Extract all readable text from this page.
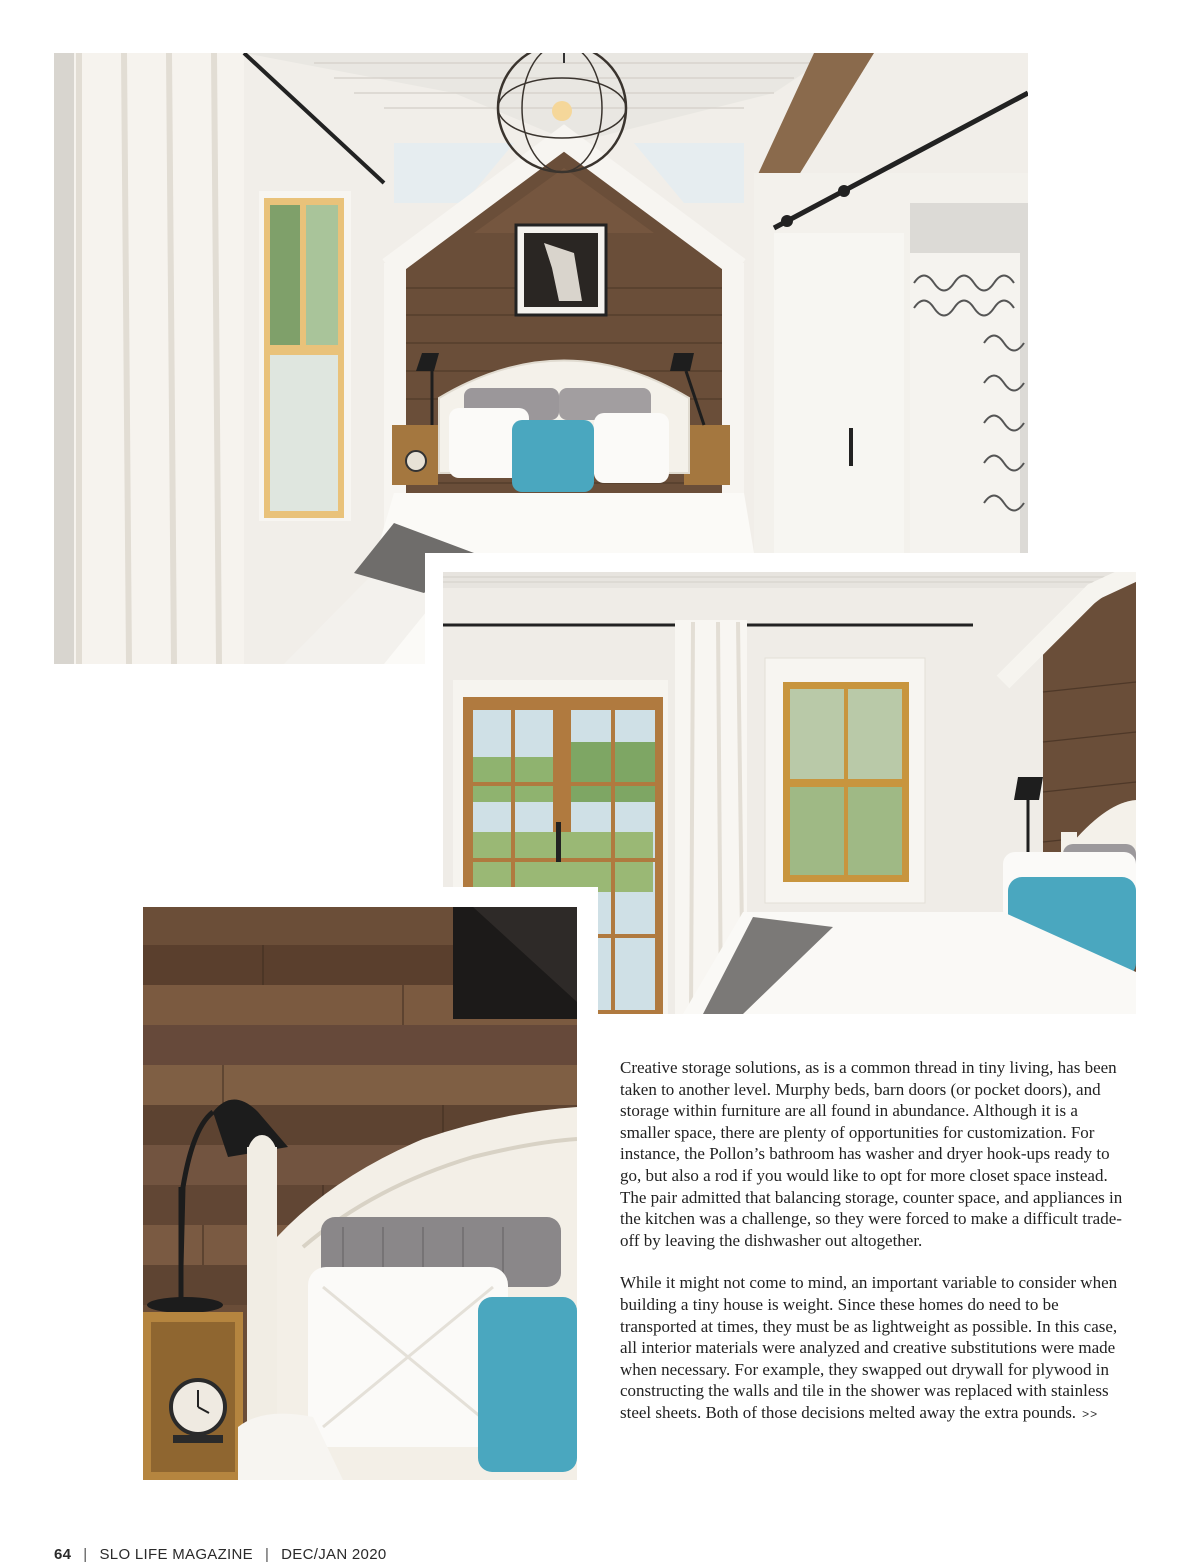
Creative storage solutions, as is a common thread in tiny living, has been taken to another level. Murphy beds, barn doors (or pocket doors), and storage within furniture are all found in abundance. Although it is a smaller space, there are plenty of opportunities for customization. For instance, the Pollon’s bathroom has washer and dryer hook-ups ready to go, but also a rod if you would like to opt for more closet space instead. The pair admitted that balancing storage, counter space, and appliances in the kitchen was a challenge, so they were forced to make a difficult trade-off by leaving the dishwasher out altogether.

While it might not come to mind, an important variable to consider when building a tiny house is weight. Since these homes do need to be transported at times, they must be as lightweight as possible. In this case, all interior materials were analyzed and creative substitutions were made when necessary. For example, they swapped out drywall for plywood in constructing the walls and tile in the shower was replaced with stainless steel sheets. Both of those decisions melted away the extra pounds. >>

64 | SLO LIFE MAGAZINE | DEC/JAN 2020
